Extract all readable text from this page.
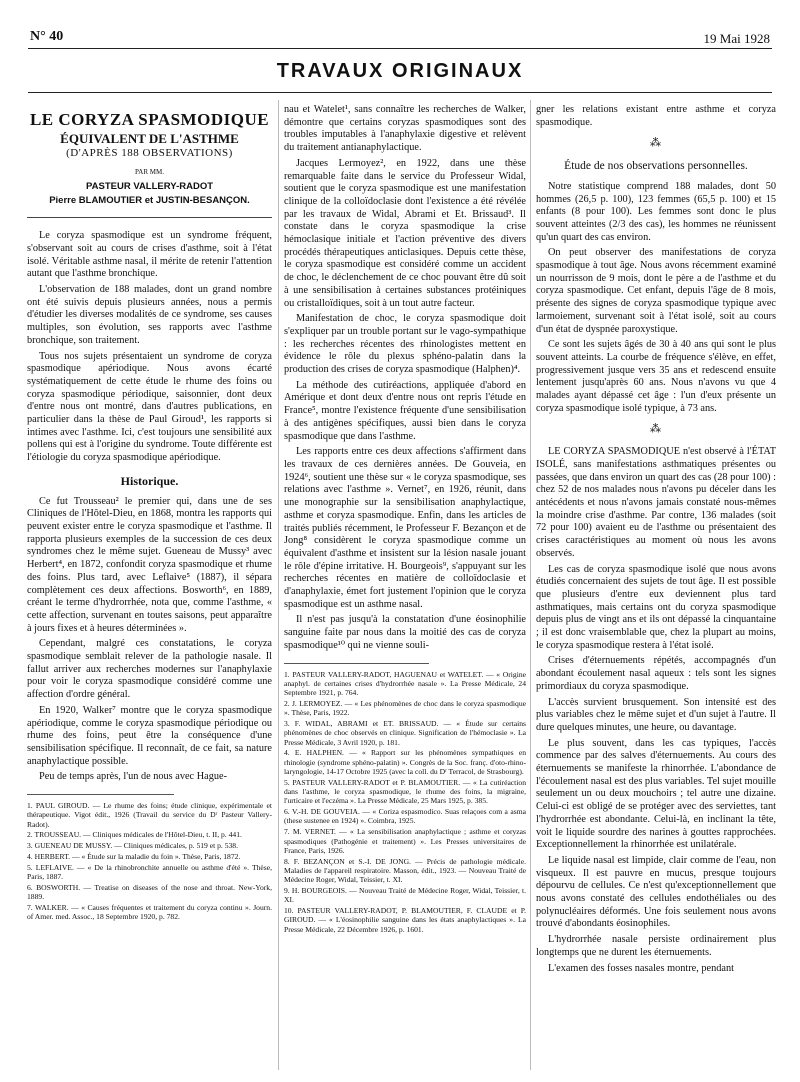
N° 40	19 Mai 1928
TRAVAUX ORIGINAUX
LE CORYZA SPASMODIQUE
ÉQUIVALENT DE L'ASTHME
(D'APRÈS 188 OBSERVATIONS)
PAR MM.
PASTEUR VALLERY-RADOT
Pierre BLAMOUTIER et JUSTIN-BESANÇON.

Le coryza spasmodique est un syndrome fréquent, s'observant soit au cours de crises d'asthme, soit à l'état isolé. Véritable asthme nasal, il mérite de retenir l'attention autant que l'asthme bronchique.

L'observation de 188 malades, dont un grand nombre ont été suivis depuis plusieurs années, nous a permis d'étudier les diverses modalités de ce syndrome, ses causes multiples, son évolution, ses rapports avec l'asthme bronchique, son traitement.

Tous nos sujets présentaient un syndrome de coryza spasmodique apériodique. Nous avons écarté systématiquement de cette étude le rhume des foins ou coryza spasmodique périodique, saisonnier, dont deux d'entre nous ont montré, dans d'autres publications, en particulier dans la thèse de Paul Giroud¹, les rapports si intimes avec l'asthme. Ici, c'est toujours une sensibilité aux pollens qui est à l'origine du syndrome. Toute différente est l'étiologie du coryza spasmodique apériodique.

Historique.

Ce fut Trousseau² le premier qui, dans une de ses Cliniques de l'Hôtel-Dieu, en 1868, montra les rapports qui peuvent exister entre le coryza spasmodique et l'asthme. Il rapporta plusieurs exemples de la succession de ces deux syndromes chez le même sujet. Gueneau de Mussy³ avec Herbert⁴, en 1872, confondit coryza spasmodique et rhume des foins. Plus tard, avec Leflaive⁵ (1887), il sépara complètement ces deux affections. Bosworth⁶, en 1889, créant le terme d'hydrorrhée, nota que, comme l'asthme, « cette affection, survenant en toutes saisons, peut apparaître à jours fixes et à heures déterminées ».

Cependant, malgré ces constatations, le coryza spasmodique semblait relever de la pathologie nasale. Il fallut arriver aux recherches modernes sur l'anaphylaxie pour voir le coryza spasmodique considéré comme une affection d'ordre général.

En 1920, Walker⁷ montre que le coryza spasmodique apériodique, comme le coryza spasmodique périodique ou rhume des foins, peut être la conséquence d'une sensibilisation spécifique. Il reconnaît, de ce fait, sa nature anaphylactique possible.

Peu de temps après, l'un de nous avec Hague-

1. PAUL GIROUD. — Le rhume des foins; étude clinique, expérimentale et thérapeutique. Vigot édit., 1926 (Travail du service du Dʳ Pasteur Vallery-Radot).

2. TROUSSEAU. — Cliniques médicales de l'Hôtel-Dieu, t. II, p. 441.

3. GUENEAU DE MUSSY. — Cliniques médicales, p. 519 et p. 538.

4. HERBERT. — « Étude sur la maladie du foin ». Thèse, Paris, 1872.

5. LEFLAIVE. — « De la rhinobronchite annuelle ou asthme d'été ». Thèse, Paris, 1887.

6. BOSWORTH. — Treatise on diseases of the nose and throat. New-York, 1889.

7. WALKER. — « Causes fréquentes et traitement du coryza continu ». Journ. of Amer. med. Assoc., 18 Septembre 1920, p. 782.

nau et Watelet¹, sans connaître les recherches de Walker, démontre que certains coryzas spasmodiques sont des troubles imputables à l'anaphylaxie digestive et relèvent du traitement antianaphylactique.

Jacques Lermoyez², en 1922, dans une thèse remarquable faite dans le service du Professeur Widal, soutient que le coryza spasmodique est une manifestation clinique de la colloïdoclasie dont l'existence a été révélée par les travaux de Widal, Abrami et Et. Brissaud³. Il constate dans le coryza spasmodique la crise hémoclasique initiale et l'action préventive des divers procédés thérapeutiques anticlasiques. Depuis cette thèse, le coryza spasmodique est considéré comme un accident de choc, le déclenchement de ce choc pouvant être dû soit à une sensibilisation à certaines substances protéiniques ou cristalloïdiques, soit à un tout autre facteur.

Manifestation de choc, le coryza spasmodique doit s'expliquer par un trouble portant sur le vago-sympathique : les recherches récentes des rhinologistes mettent en évidence le rôle du plexus sphéno-palatin dans la production des crises de coryza spasmodique (Halphen)⁴.

La méthode des cutiréactions, appliquée d'abord en Amérique et dont deux d'entre nous ont repris l'étude en France⁵, montre l'existence fréquente d'une sensibilisation à des antigènes spécifiques, aussi bien dans le coryza spasmodique que dans l'asthme.

Les rapports entre ces deux affections s'affirment dans les travaux de ces dernières années. De Gouveia, en 1924⁶, soutient une thèse sur « le coryza spasmodique, ses relations avec l'asthme ». Vernet⁷, en 1926, réunit, dans une monographie sur la sensibilisation anaphylactique, asthme et coryza spasmodique. Enfin, dans les articles de traités publiés récemment, le Professeur F. Bezançon et de Jong⁸ considèrent le coryza spasmodique comme un équivalent d'asthme et insistent sur la lésion nasale jouant le rôle d'épine irritative. H. Bourgeois⁹, s'appuyant sur les recherches récentes en matière de colloïdoclasie et d'anaphylaxie, émet fort justement l'opinion que le coryza spasmodique est un asthme nasal.

Il n'est pas jusqu'à la constatation d'une éosinophilie sanguine faite par nous dans la moitié des cas de coryza spasmodique¹⁰ qui ne vienne souli-

1. PASTEUR VALLERY-RADOT, HAGUENAU et WATELET. — « Origine anaphyl. de certaines crises d'hydrorrhée nasale ». La Presse Médicale, 24 Septembre 1921, p. 764.

2. J. LERMOYEZ. — « Les phénomènes de choc dans le coryza spasmodique ». Thèse, Paris, 1922.

3. F. WIDAL, ABRAMI et ET. BRISSAUD. — « Étude sur certains phénomènes de choc observés en clinique. Signification de l'hémoclasie ». La Presse Médicale, 3 Avril 1920, p. 181.

4. E. HALPHEN. — « Rapport sur les phénomènes sympathiques en rhinologie (syndrome sphéno-palatin) ». Congrès de la Soc. franç. d'oto-rhino-laryngologie, 14-17 Octobre 1925 (avec la coll. du Dʳ Terracol, de Strasbourg).

5. PASTEUR VALLERY-RADOT et P. BLAMOUTIER. — « La cutiréaction dans l'asthme, le coryza spasmodique, le rhume des foins, la migraine, l'urticaire et l'eczéma ». La Presse Médicale, 25 Mars 1925, p. 385.

6. V.-H. DE GOUVEIA. — « Coriza espasmodico. Suas relaçoes com a asma (these sustenee en 1924) ». Coimbra, 1925.

7. M. VERNET. — « La sensibilisation anaphylactique ; asthme et coryzas spasmodiques (Pathogénie et traitement) ». Les Presses universitaires de France, Paris, 1926.

8. F. BEZANÇON et S.-I. DE JONG. — Précis de pathologie médicale. Maladies de l'appareil respiratoire. Masson, édit., 1923. — Nouveau Traité de Médecine Roger, Widal, Teissier, t. XI.

9. H. BOURGEOIS. — Nouveau Traité de Médecine Roger, Widal, Teissier, t. XI.

10. PASTEUR VALLERY-RADOT, P. BLAMOUTIER, F. CLAUDE et P. GIROUD. — « L'éosinophilie sanguine dans les états anaphylactiques ». La Presse Médicale, 22 Décembre 1926, p. 1601.

gner les relations existant entre asthme et coryza spasmodique.

⁂
Étude de nos observations personnelles.

Notre statistique comprend 188 malades, dont 50 hommes (26,5 p. 100), 123 femmes (65,5 p. 100) et 15 enfants (8 pour 100). Les femmes sont donc le plus souvent atteintes (2/3 des cas), les hommes ne réunissent qu'un quart des cas environ.

On peut observer des manifestations de coryza spasmodique à tout âge. Nous avons récemment examiné un nourrisson de 9 mois, dont le père a de l'asthme et du coryza spasmodique. Cet enfant, depuis l'âge de 8 mois, présente des signes de coryza spasmodique typique avec larmoiement, survenant soit à l'état isolé, soit au cours d'un état de dyspnée paroxystique.

Ce sont les sujets âgés de 30 à 40 ans qui sont le plus souvent atteints. La courbe de fréquence s'élève, en effet, progressivement jusque vers 35 ans et redescend ensuite lentement jusqu'après 60 ans. Nous n'avons vu que 4 malades ayant dépassé cet âge : l'un d'eux présente un coryza spasmodique isolé typique, à 73 ans.

⁂

LE CORYZA SPASMODIQUE n'est observé à l'ÉTAT ISOLÉ, sans manifestations asthmatiques présentes ou passées, que dans environ un quart des cas (28 pour 100) : chez 52 de nos malades nous n'avons pu déceler dans les antécédents et nous n'avons jamais constaté nous-mêmes la moindre crise d'asthme. Par contre, 136 malades (soit 72 pour 100) avaient eu de l'asthme ou présentaient des crises caractéristiques au moment où nous les avons observés.

Les cas de coryza spasmodique isolé que nous avons étudiés concernaient des sujets de tout âge. Il est possible que plusieurs d'entre eux deviennent plus tard asthmatiques, mais certains ont du coryza spasmodique depuis plus de vingt ans et ils ont dépassé la cinquantaine ; il est donc vraisemblable que, chez la plupart au moins, le coryza spasmodique restera à l'état isolé.

Crises d'éternuements répétés, accompagnés d'un abondant écoulement nasal aqueux : tels sont les signes primordiaux du coryza spasmodique.

L'accès survient brusquement. Son intensité est des plus variables chez le même sujet et d'un sujet à l'autre. Il dure quelques minutes, une heure, ou davantage.

Le plus souvent, dans les cas typiques, l'accès commence par des salves d'éternuements. Au cours des éternuements se manifeste la rhinorrhée. L'abondance de l'écoulement nasal est des plus variables. Tel sujet mouille seulement un ou deux mouchoirs ; tel autre une dizaine. Celui-ci est obligé de se protéger avec des serviettes, tant l'hydrorrhée est abondante. Celui-là, en inclinant la tête, voit le liquide sourdre des narines à gouttes rapprochées. Exceptionnellement la rhinorrhée est unilatérale.

Le liquide nasal est limpide, clair comme de l'eau, non visqueux. Il est pauvre en mucus, presque toujours dépourvu de cellules. Ce n'est qu'exceptionnellement que nous avons constaté des cellules endothéliales ou des polynucléaires déformés. Une fois seulement nous avons trouvé d'abondants éosinophiles.

L'hydrorrhée nasale persiste ordinairement plus longtemps que ne durent les éternuements.

L'examen des fosses nasales montre, pendant
